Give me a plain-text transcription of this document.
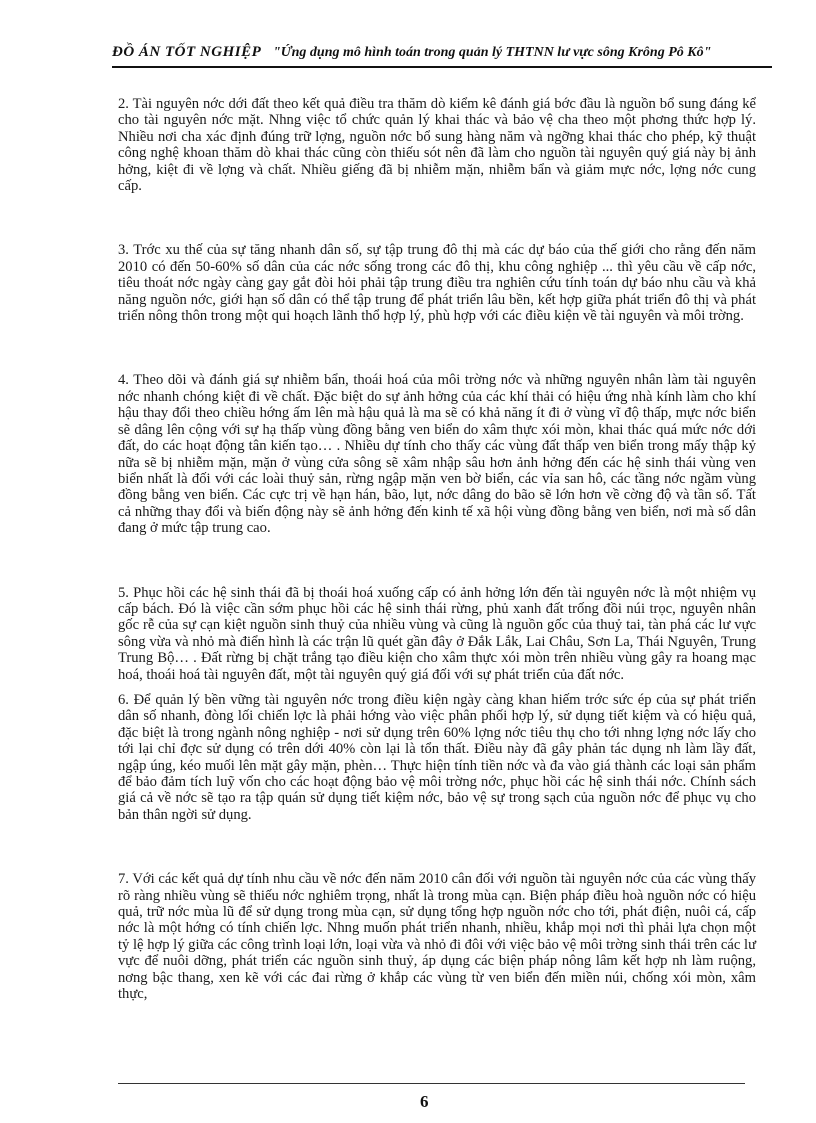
ĐỒ ÁN TỐT NGHIỆP "Ứng dụng mô hình toán trong quản lý THTNN lư vực sông Krông Pô Kô"

2. Tài nguyên nớc dới đất theo kết quả điều tra thăm dò kiểm kê đánh giá bớc đầu là nguồn bổ sung đáng kể cho tài nguyên nớc mặt. Nhng việc tổ chức quản lý khai thác và bảo vệ cha theo một phơng thức hợp lý. Nhiều nơi cha xác định đúng trữ lợng, nguồn nớc bổ sung hàng năm và ngỡng khai thác cho phép, kỹ thuật công nghệ khoan thăm dò khai thác cũng còn thiếu sót nên đã làm cho nguồn tài nguyên quý giá này bị ảnh hởng, kiệt đi về lợng và chất. Nhiều giếng đã bị nhiễm mặn, nhiễm bẩn và giảm mực nớc, lợng nớc cung cấp.

3. Trớc xu thế của sự tăng nhanh dân số, sự tập trung đô thị mà các dự báo của thế giới cho rằng đến năm 2010 có đến 50-60% số dân của các nớc sống trong các đô thị, khu công nghiệp ... thì yêu cầu về cấp nớc, tiêu thoát nớc ngày càng gay gắt đòi hỏi phải tập trung điều tra nghiên cứu tính toán dự báo nhu cầu và khả năng nguồn nớc, giới hạn số dân có thể tập trung để phát triển lâu bền, kết hợp giữa phát triển đô thị và phát triển nông thôn trong một qui hoạch lãnh thổ hợp lý, phù hợp với các điều kiện về tài nguyên và môi trờng.

4. Theo dõi và đánh giá sự nhiễm bẩn, thoái hoá của môi trờng nớc và những nguyên nhân làm tài nguyên nớc nhanh chóng kiệt đi về chất. Đặc biệt do sự ảnh hởng của các khí thải có hiệu ứng nhà kính làm cho khí hậu thay đổi theo chiều hớng ấm lên mà hậu quả là ma sẽ có khả năng ít đi ở vùng vĩ độ thấp, mực nớc biển sẽ dâng lên cộng với sự hạ thấp vùng đồng bằng ven biển do xâm thực xói mòn, khai thác quá mức nớc dới đất, do các hoạt động tân kiến tạo… . Nhiều dự tính cho thấy các vùng đất thấp ven biển trong mấy thập kỷ nữa sẽ bị nhiễm mặn, mặn ở vùng cửa sông sẽ xâm nhập sâu hơn ảnh hởng đến các hệ sinh thái vùng ven biển nhất là đối với các loài thuỷ sản, rừng ngập mặn ven bờ biển, các vỉa san hô, các tầng nớc ngầm vùng đồng bằng ven biển. Các cực trị về hạn hán, bão, lụt, nớc dâng do bão sẽ lớn hơn về cờng độ và tần số. Tất cả những thay đổi và biến động này sẽ ảnh hởng đến kinh tế xã hội vùng đồng bằng ven biển, nơi mà số dân đang ở mức tập trung cao.

5. Phục hồi các hệ sinh thái đã bị thoái hoá xuống cấp có ảnh hởng lớn đến tài nguyên nớc là một nhiệm vụ cấp bách. Đó là việc cần sớm phục hồi các hệ sinh thái rừng, phủ xanh đất trống đồi núi trọc, nguyên nhân gốc rễ của sự cạn kiệt nguồn sinh thuỷ của nhiều vùng và cũng là nguồn gốc của thuỷ tai, tàn phá các lư vực sông vừa và nhỏ mà điển hình là các trận lũ quét gần đây ở Đắk Lắk, Lai Châu, Sơn La, Thái Nguyên, Trung Trung Bộ… . Đất rừng bị chặt trắng tạo điều kiện cho xâm thực xói mòn trên nhiều vùng gây ra hoang mạc hoá, thoái hoá tài nguyên đất, một tài nguyên quý giá đối với sự phát triển của đất nớc.

6. Để quản lý bền vững tài nguyên nớc trong điều kiện ngày càng khan hiếm trớc sức ép của sự phát triển dân số nhanh, đòng lối chiến lợc là phải hớng vào việc phân phối hợp lý, sử dụng tiết kiệm và có hiệu quả, đặc biệt là trong ngành nông nghiệp - nơi sử dụng trên 60% lợng nớc tiêu thụ cho tới nhng lợng nớc lấy cho tới lại chỉ đợc sử dụng có trên dới 40% còn lại là tổn thất. Điều này đã gây phản tác dụng nh làm lầy đất, ngập úng, kéo muối lên mặt gây mặn, phèn… Thực hiện tính tiền nớc và đa vào giá thành các loại sản phẩm để bảo đảm tích luỹ vốn cho các hoạt động bảo vệ môi trờng nớc, phục hồi các hệ sinh thái nớc. Chính sách giá cả về nớc sẽ tạo ra tập quán sử dụng tiết kiệm nớc, bảo vệ sự trong sạch của nguồn nớc để phục vụ cho bản thân ngời sử dụng.

7. Với các kết quả dự tính nhu cầu về nớc đến năm 2010 cân đối với nguồn tài nguyên nớc của các vùng thấy rõ ràng nhiều vùng sẽ thiếu nớc nghiêm trọng, nhất là trong mùa cạn. Biện pháp điều hoà nguồn nớc có hiệu quả, trữ nớc mùa lũ để sử dụng trong mùa cạn, sử dụng tổng hợp nguồn nớc cho tới, phát điện, nuôi cá, cấp nớc là một hớng có tính chiến lợc. Nhng muốn phát triển nhanh, nhiều, khắp mọi nơi thì phải lựa chọn một tỷ lệ hợp lý giữa các công trình loại lớn, loại vừa và nhỏ đi đôi với việc bảo vệ môi trờng sinh thái trên các lư vực để nuôi dỡng, phát triển các nguồn sinh thuỷ, áp dụng các biện pháp nông lâm kết hợp nh làm ruộng, nơng bậc thang, xen kẽ với các đai rừng ở khắp các vùng từ ven biển đến miền núi, chống xói mòn, xâm thực,

6
